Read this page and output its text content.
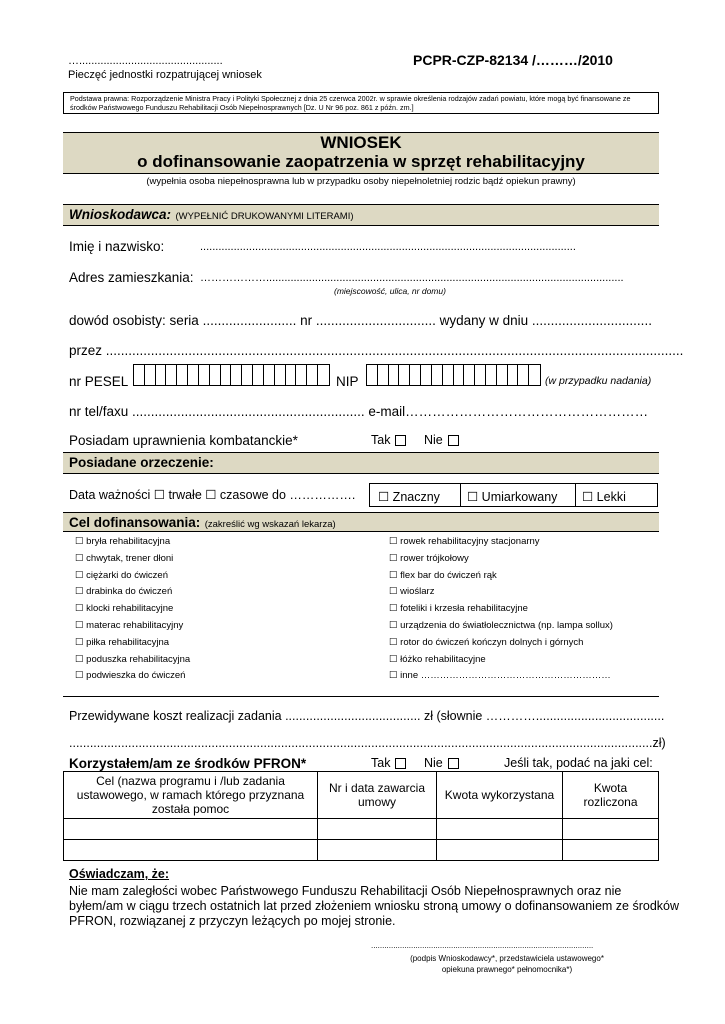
…...............................................
Pieczęć jednostki rozpatrującej wniosek
PCPR-CZP-82134 /………/2010
Podstawa prawna: Rozporządzenie Ministra Pracy i Polityki Społecznej z dnia 25 czerwca 2002r. w sprawie określenia rodzajów zadań powiatu, które mogą być finansowane ze środków Państwowego Funduszu Rehabilitacji Osób Niepełnosprawnych [Dz. U Nr 96 poz. 861 z późn. zm.]
WNIOSEK
o dofinansowanie zaopatrzenia w sprzęt rehabilitacyjny
(wypełnia osoba niepełnosprawna lub w przypadku osoby niepełnoletniej rodzic bądź opiekun prawny)
Wnioskodawca: (WYPEŁNIĆ DRUKOWANYMI LITERAMI)
Imię i nazwisko:	...........................................................................................................................
Adres zamieszkania: ……………….....................................................................................................................
(miejscowość, ulica, nr domu)
dowód osobisty: seria ......................... nr ................................ wydany w dniu ................................
przez ..........................................................................................................................................................
nr PESEL	NIP	(w przypadku nadania)
nr tel/faxu .............................................................. e-mail………………………………………………
Posiadam uprawnienia kombatanckie*	Tak	Nie
Posiadane orzeczenie:
Data ważności ☐ trwałe ☐ czasowe do ……………. ☐ Znaczny ☐ Umiarkowany ☐ Lekki
Cel dofinansowania: (zakreślić wg wskazań lekarza)
☐ bryła rehabilitacyjna
☐ chwytak, trener dłoni
☐ ciężarki do ćwiczeń
☐ drabinka do ćwiczeń
☐ klocki rehabilitacyjne
☐ materac rehabilitacyjny
☐ piłka rehabilitacyjna
☐ poduszka rehabilitacyjna
☐ podwieszka do ćwiczeń
☐ rowek rehabilitacyjny stacjonarny
☐ rower trójkołowy
☐ flex bar do ćwiczeń rąk
☐ wioślarz
☐ foteliki i krzesła rehabilitacyjne
☐ urządzenia do światłolecznictwa (np. lampa sollux)
☐ rotor do ćwiczeń kończyn dolnych i górnych
☐ łóżko rehabilitacyjne
☐ inne ……………………………………………………
Przewidywane koszt realizacji zadania ....................................... zł (słownie ………….....................................
........................................................................................................................................................................zł)
Korzystałem/am ze środków PFRON*	Tak	Nie	Jeśli tak, podać na jaki cel:
Cel (nazwa programu i /lub zadania ustawowego, w ramach którego przyznana została pomoc	Nr i data zawarcia umowy	Kwota wykorzystana	Kwota rozliczona

Oświadczam, że:
Nie mam zaległości wobec Państwowego Funduszu Rehabilitacji Osób Niepełnosprawnych oraz nie
byłem/am w ciągu trzech ostatnich lat przed złożeniem wniosku stroną umowy o dofinansowaniem ze środków
PFRON, rozwiązanej z przyczyn leżących po mojej stronie.
....................................................................................................
(podpis Wnioskodawcy*, przedstawiciela ustawowego*
opiekuna prawnego* pełnomocnika*)
